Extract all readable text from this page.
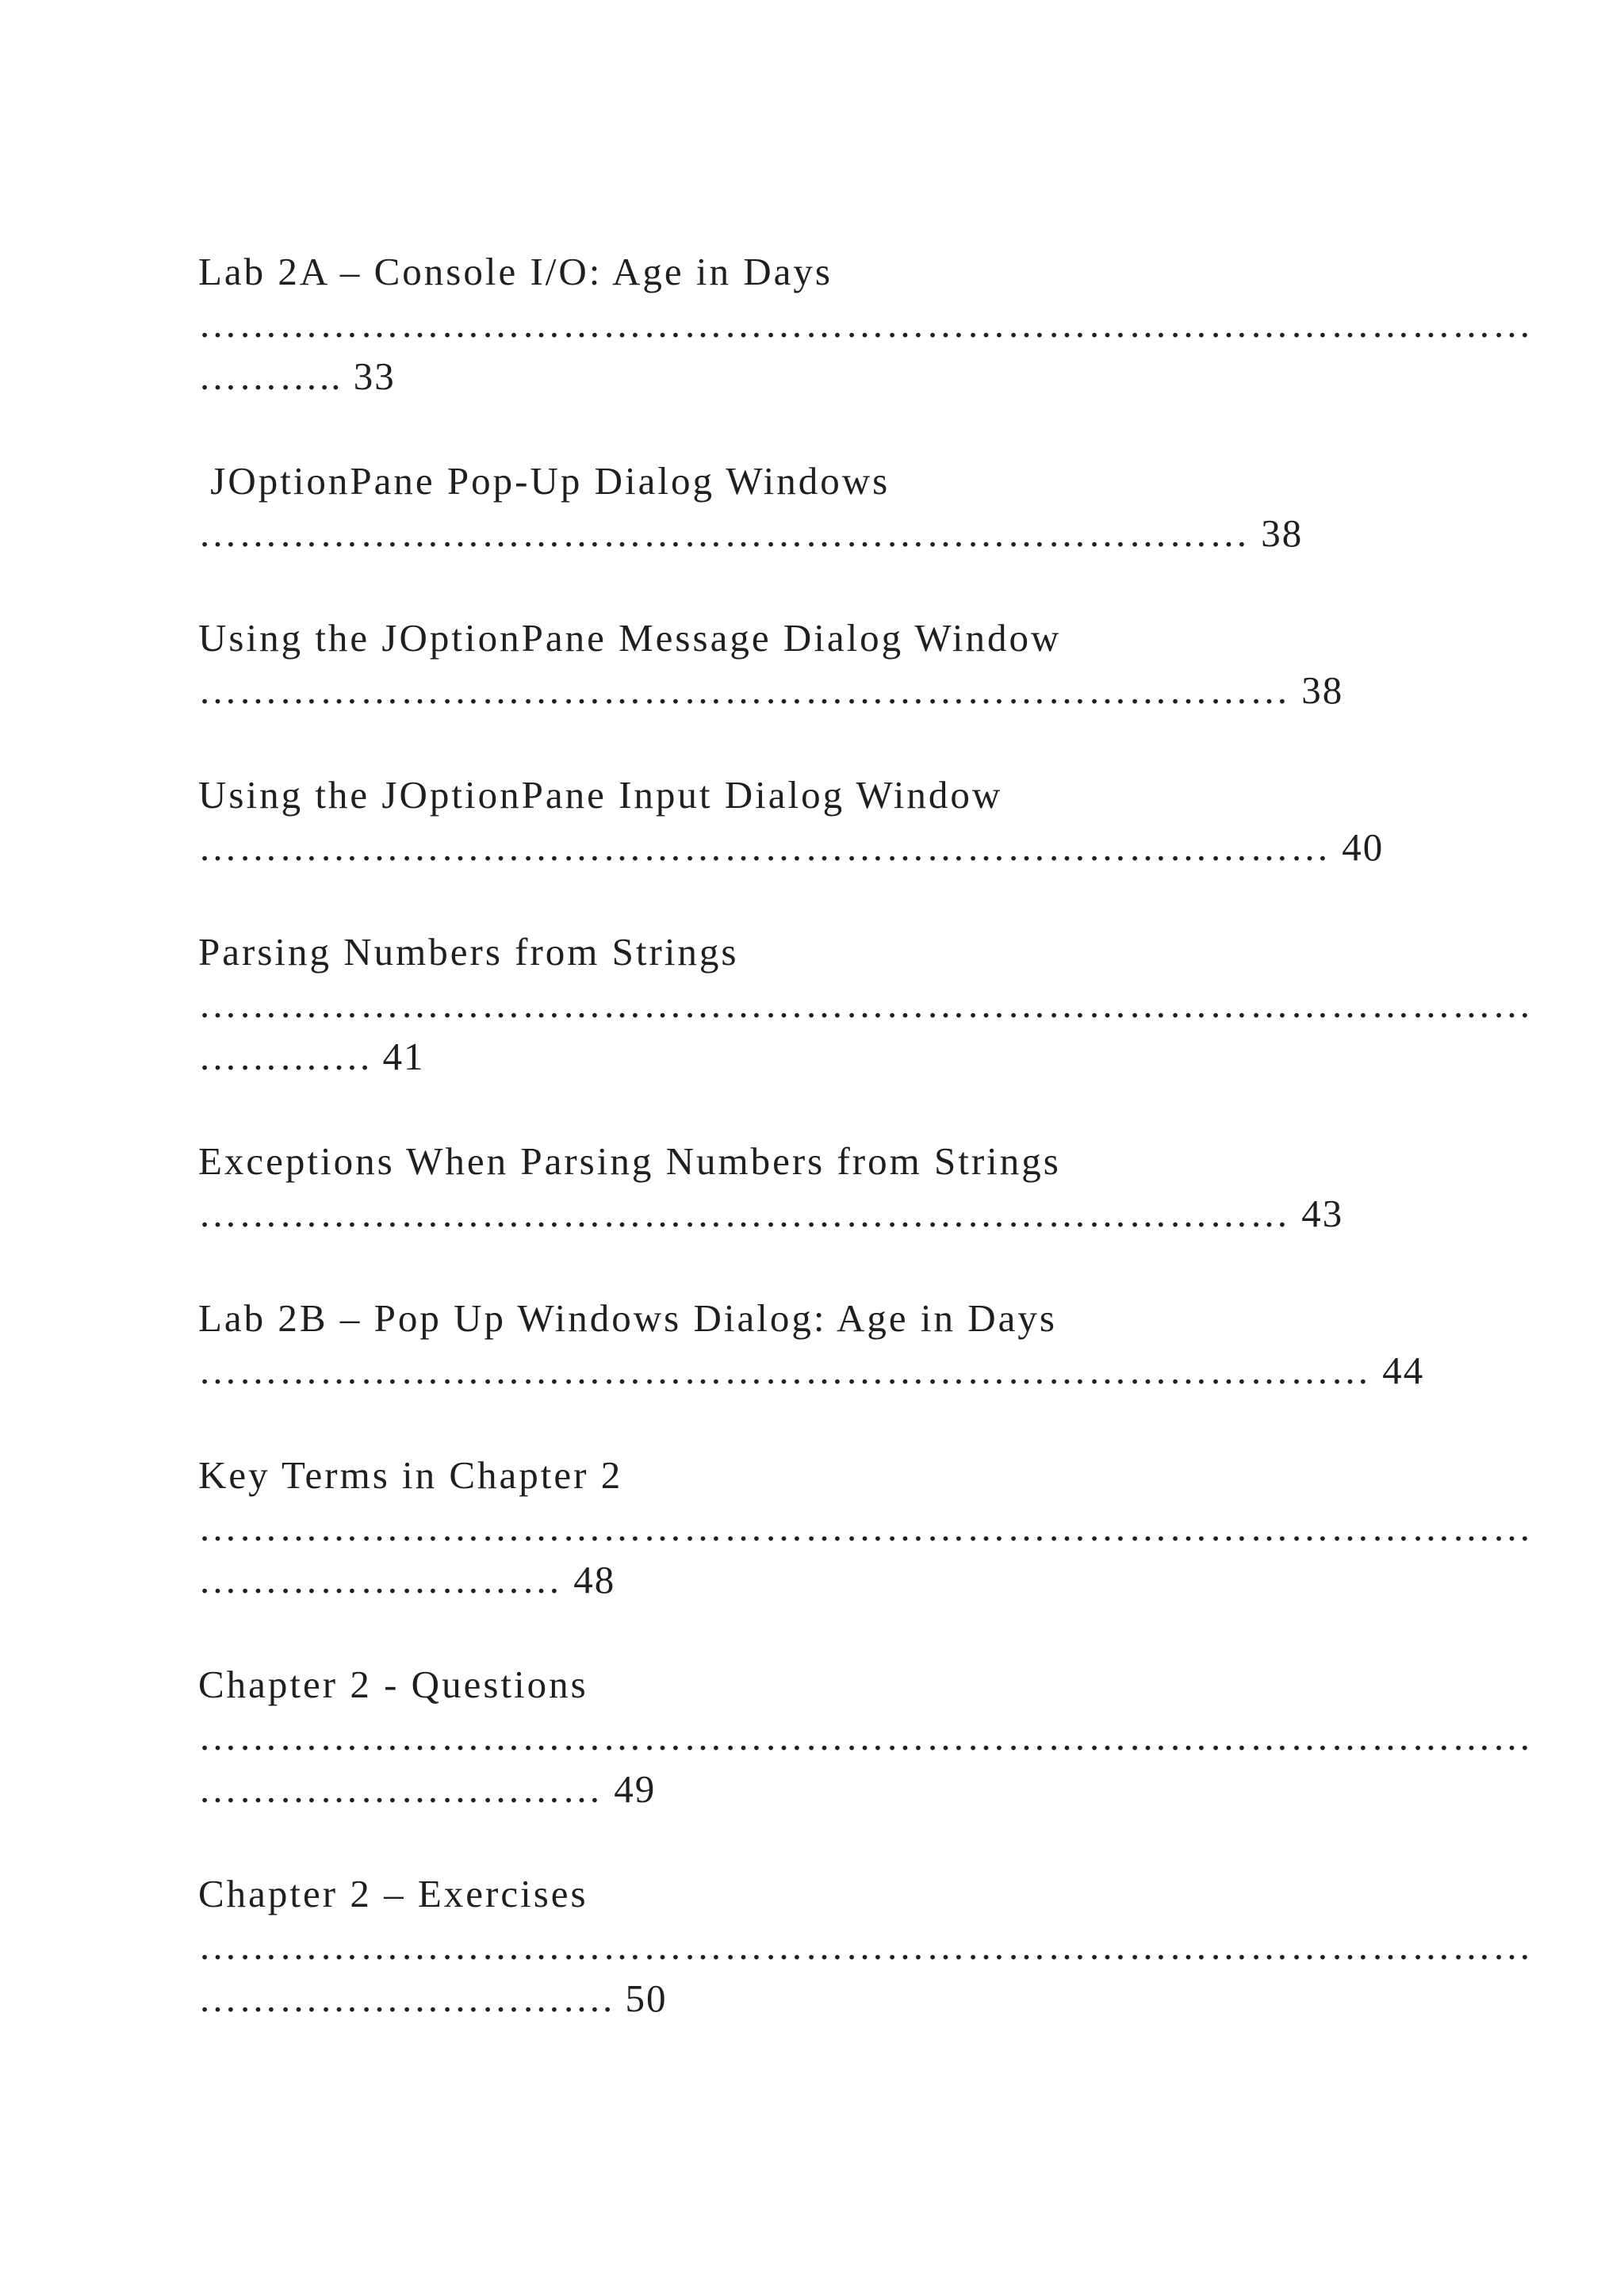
Lab 2A – Console I/O: Age in Days
………………………………………………………………………………………
……….. 33
JOptionPane Pop-Up Dialog Windows
…………………………………………………………………… 38
Using the JOptionPane Message Dialog Window
……………………………………………………………………… 38
Using the JOptionPane Input Dialog Window
………………………………………………………………………… 40
Parsing Numbers from Strings
………………………………………………………………………………………
…………. 41
Exceptions When Parsing Numbers from Strings
……………………………………………………………………… 43
Lab 2B – Pop Up Windows Dialog: Age in Days
…………………………………………………………………………… 44
Key Terms in Chapter 2
………………………………………………………………………………………
……………………… 48
Chapter 2 - Questions
………………………………………………………………………………………
………………………… 49
Chapter 2 – Exercises
………………………………………………………………………………………
…………………………. 50
